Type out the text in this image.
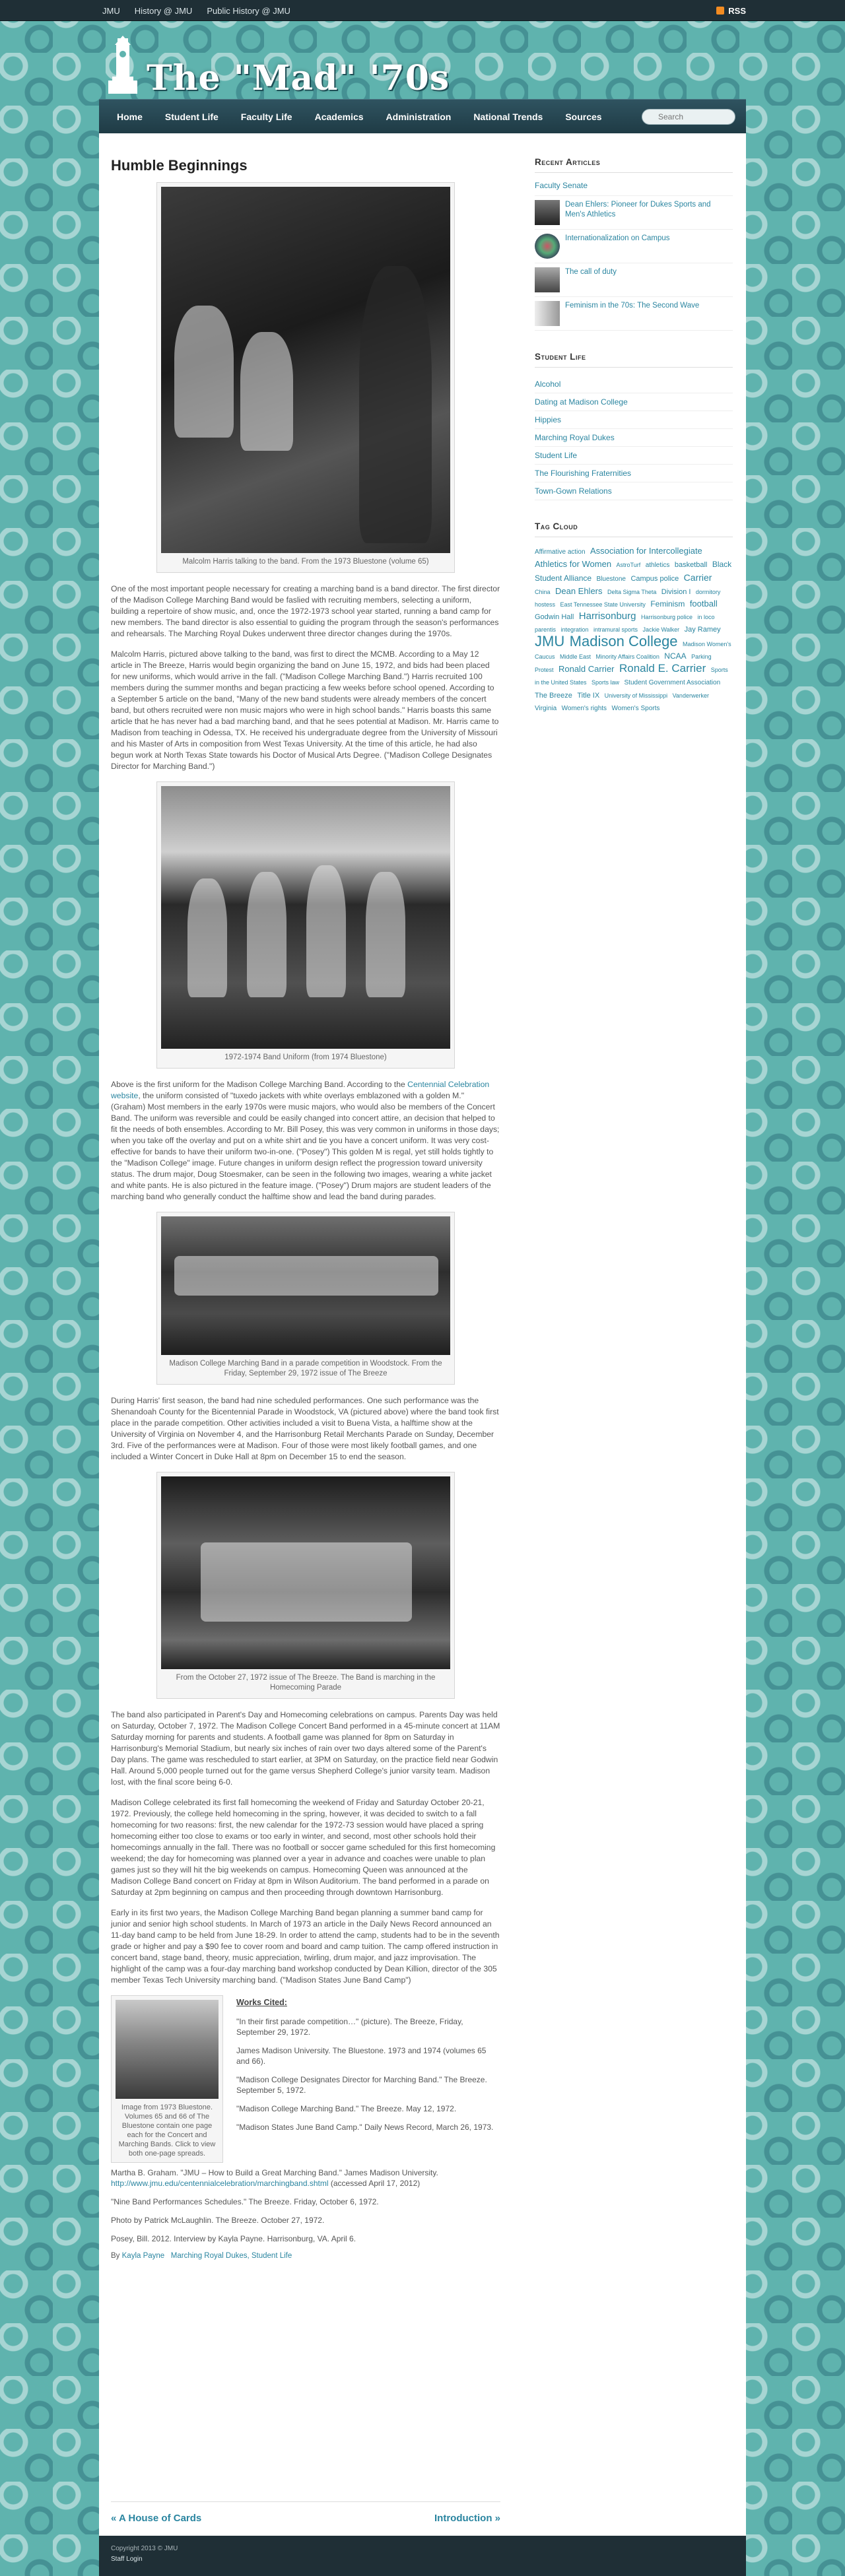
JMU History @ JMU Public History @ JMU	RSS
The "Mad" '70s
Home	Student Life	Faculty Life	Academics	Administration	National Trends	Sources
Search
Humble Beginnings
Malcolm Harris talking to the band. From the 1973 Bluestone (volume 65)

One of the most important people necessary for creating a marching band is a band director. The first director of the Madison College Marching Band would be faslied with recruiting members, selecting a uniform, building a repertoire of show music, and, once the 1972-1973 school year started, running a band camp for new members. The band director is also essential to guiding the program through the season's performances and rehearsals. The Marching Royal Dukes underwent three director changes during the 1970s.

Malcolm Harris, pictured above talking to the band, was first to direct the MCMB. According to a May 12 article in The Breeze, Harris would begin organizing the band on June 15, 1972, and bids had been placed for new uniforms, which would arrive in the fall. ("Madison College Marching Band.") Harris recruited 100 members during the summer months and began practicing a few weeks before school opened. According to a September 5 article on the band, "Many of the new band students were already members of the concert band, but others recruited were non music majors who were in high school bands." Harris boasts this same article that he has never had a bad marching band, and that he sees potential at Madison. Mr. Harris came to Madison from teaching in Odessa, TX. He received his undergraduate degree from the University of Missouri and his Master of Arts in composition from West Texas University. At the time of this article, he had also begun work at North Texas State towards his Doctor of Musical Arts Degree. ("Madison College Designates Director for Marching Band.")

1972-1974 Band Uniform (from 1974 Bluestone)

Above is the first uniform for the Madison College Marching Band. According to the Centennial Celebration website, the uniform consisted of "tuxedo jackets with white overlays emblazoned with a golden M." (Graham) Most members in the early 1970s were music majors, who would also be members of the Concert Band. The uniform was reversible and could be easily changed into concert attire, an decision that helped to fit the needs of both ensembles. According to Mr. Bill Posey, this was very common in uniforms in those days; when you take off the overlay and put on a white shirt and tie you have a concert uniform. It was very cost-effective for bands to have their uniform two-in-one. ("Posey") This golden M is regal, yet still holds tightly to the "Madison College" image. Future changes in uniform design reflect the progression toward university status. The drum major, Doug Stoesmaker, can be seen in the following two images, wearing a white jacket and white pants. He is also pictured in the feature image. ("Posey") Drum majors are student leaders of the marching band who generally conduct the halftime show and lead the band during parades.

Madison College Marching Band in a parade competition in Woodstock. From the Friday, September 29, 1972 issue of The Breeze

During Harris' first season, the band had nine scheduled performances. One such performance was the Shenandoah County for the Bicentennial Parade in Woodstock, VA (pictured above) where the band took first place in the parade competition. Other activities included a visit to Buena Vista, a halftime show at the University of Virginia on November 4, and the Harrisonburg Retail Merchants Parade on Sunday, December 3rd. Five of the performances were at Madison. Four of those were most likely football games, and one included a Winter Concert in Duke Hall at 8pm on December 15 to end the season.

From the October 27, 1972 issue of The Breeze. The Band is marching in the Homecoming Parade

The band also participated in Parent's Day and Homecoming celebrations on campus. Parents Day was held on Saturday, October 7, 1972. The Madison College Concert Band performed in a 45-minute concert at 11AM Saturday morning for parents and students. A football game was planned for 8pm on Saturday in Harrisonburg's Memorial Stadium, but nearly six inches of rain over two days altered some of the Parent's Day plans. The game was rescheduled to start earlier, at 3PM on Saturday, on the practice field near Godwin Hall. Around 5,000 people turned out for the game versus Shepherd College's junior varsity team. Madison lost, with the final score being 6-0.

Madison College celebrated its first fall homecoming the weekend of Friday and Saturday October 20-21, 1972. Previously, the college held homecoming in the spring, however, it was decided to switch to a fall homecoming for two reasons: first, the new calendar for the 1972-73 session would have placed a spring homecoming either too close to exams or too early in winter, and second, most other schools hold their homecomings annually in the fall. There was no football or soccer game scheduled for this first homecoming weekend; the day for homecoming was planned over a year in advance and coaches were unable to plan games just so they will hit the big weekends on campus. Homecoming Queen was announced at the Madison College Band concert on Friday at 8pm in Wilson Auditorium. The band performed in a parade on Saturday at 2pm beginning on campus and then proceeding through downtown Harrisonburg.

Early in its first two years, the Madison College Marching Band began planning a summer band camp for junior and senior high school students. In March of 1973 an article in the Daily News Record announced an 11-day band camp to be held from June 18-29. In order to attend the camp, students had to be in the seventh grade or higher and pay a $90 fee to cover room and board and camp tuition. The camp offered instruction in concert band, stage band, theory, music appreciation, twirling, drum major, and jazz improvisation. The highlight of the camp was a four-day marching band workshop conducted by Dean Killion, director of the 305 member Texas Tech University marching band. ("Madison States June Band Camp")

Image from 1973 Bluestone. Volumes 65 and 66 of The Bluestone contain one page each for the Concert and Marching Bands. Click to view both one-page spreads.
Works Cited:

"In their first parade competition…" (picture). The Breeze, Friday, September 29, 1972.

James Madison University. The Bluestone. 1973 and 1974 (volumes 65 and 66).

"Madison College Designates Director for Marching Band." The Breeze. September 5, 1972.

"Madison College Marching Band." The Breeze. May 12, 1972.

"Madison States June Band Camp." Daily News Record, March 26, 1973.

Martha B. Graham. "JMU – How to Build a Great Marching Band." James Madison University.
http://www.jmu.edu/centennialcelebration/marchingband.shtml (accessed April 17, 2012)

"Nine Band Performances Schedules." The Breeze. Friday, October 6, 1972.

Photo by Patrick McLaughlin. The Breeze. October 27, 1972.

Posey, Bill. 2012. Interview by Kayla Payne. Harrisonburg, VA. April 6.

By Kayla Payne Marching Royal Dukes, Student Life
« A House of Cards	Introduction »
Recent Articles
Faculty Senate
Dean Ehlers: Pioneer for Dukes Sports and Men's Athletics
Internationalization on Campus
The call of duty
Feminism in the 70s: The Second Wave
Student Life
Alcohol
Dating at Madison College
Hippies
Marching Royal Dukes
Student Life
The Flourishing Fraternities
Town-Gown Relations
Tag Cloud
Affirmative action Association for Intercollegiate Athletics for Women AstroTurf athletics basketball Black Student Alliance Bluestone Campus police Carrier China Dean Ehlers Delta Sigma Theta Division I dormitory hostess East Tennessee State University Feminism football Godwin Hall Harrisonburg Harrisonburg police in loco parentis integration intramural sports Jackie Walker Jay Ramey JMU Madison College Madison Women's Caucus Middle East Minority Affairs Coalition NCAA Parking Protest Ronald Carrier Ronald E. Carrier Sports in the United States Sports law Student Government Association The Breeze Title IX University of Mississippi Vanderwerker Virginia Women's rights Women's Sports

Copyright 2013 © JMU

Staff Login
